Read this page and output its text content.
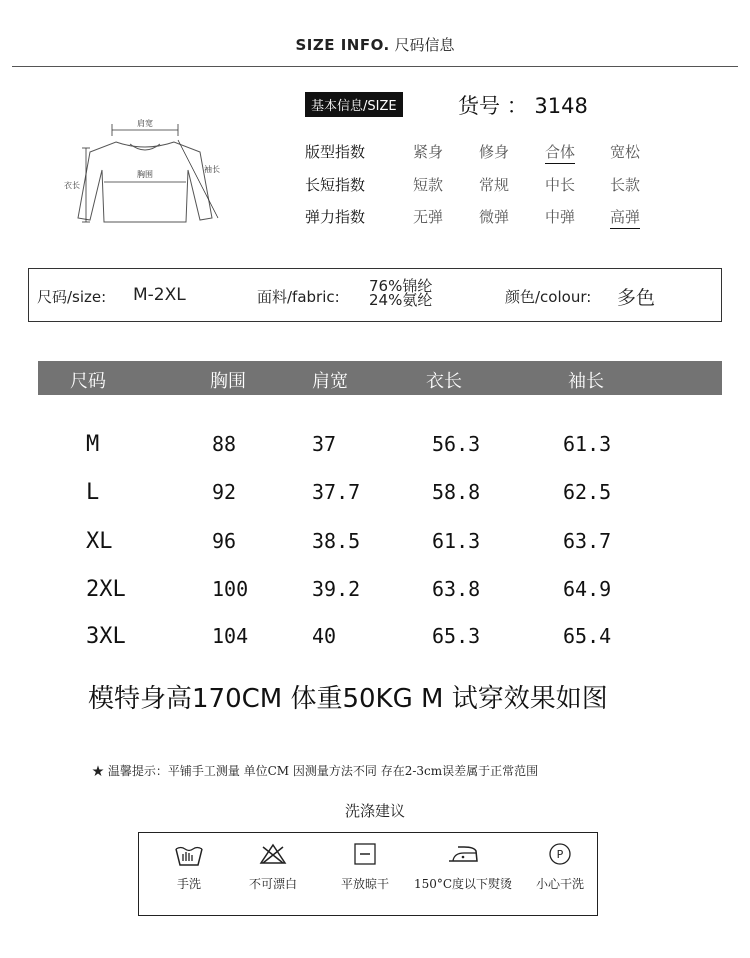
SIZE INFO. 尺码信息
肩宽
胸围
衣长
袖长
基本信息/SIZE	货号 ： 3148
版型指数	紧身 修身 合体 宽松
长短指数	短款 常规 中长 长款
弹力指数	无弹 微弹 中弹 高弹
尺码/size: M-2XL	面料/fabric:
76%锦纶
24%氨纶	颜色/colour: 多色
尺码	胸围	肩宽	衣长	袖长
M	88	37	56.3	61.3
L	92	37.7	58.8	62.5
XL	96	38.5	61.3	63.7
2XL	100	39.2	63.8	64.9
3XL	104	40	65.3	65.4
模特身高170CM 体重50KG M 试穿效果如图
★ 温馨提示：平铺手工测量 单位CM 因测量方法不同 存在2-3cm误差属于正常范围
洗涤建议
手洗	不可漂白	平放晾干	150°C度以下熨烫
P
小心干洗
